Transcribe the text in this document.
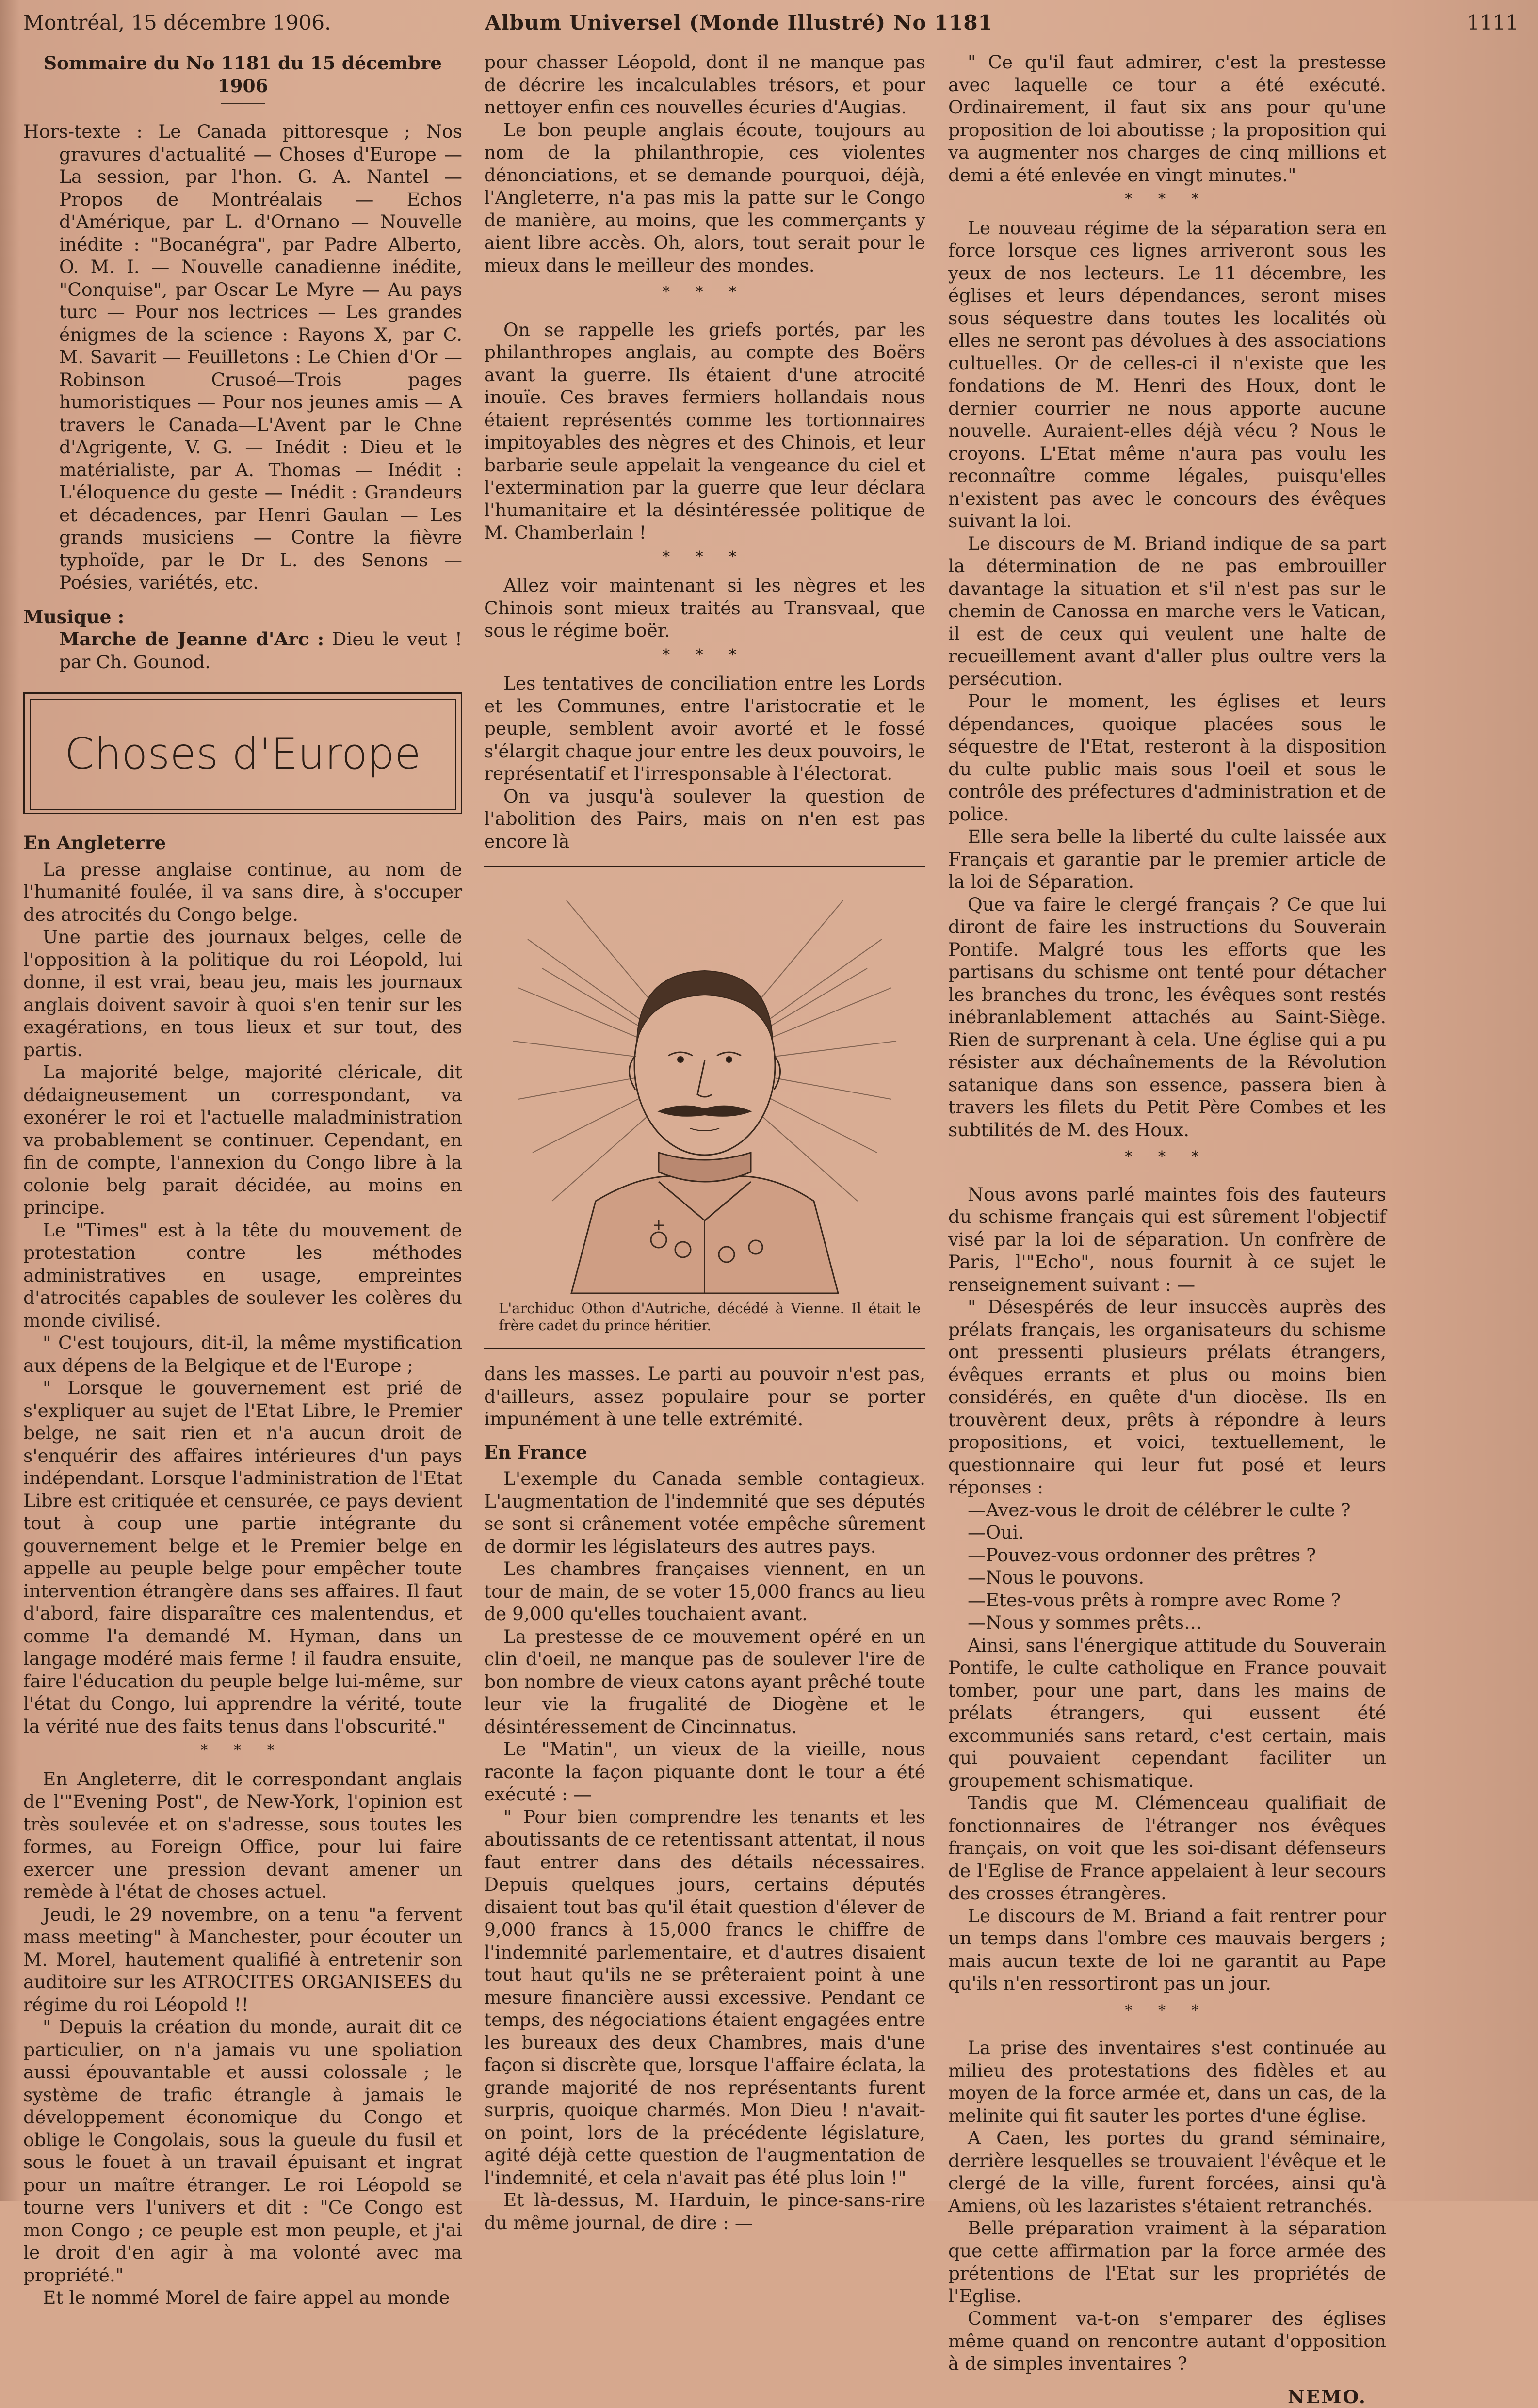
Montréal, 15 décembre 1906.	Album Universel (Monde Illustré) No 1181	1111
Sommaire du No 1181 du 15 décembre 1906

Hors-texte : Le Canada pittoresque ; Nos gravures d'actualité — Choses d'Europe — La session, par l'hon. G. A. Nantel — Propos de Montréalais — Echos d'Amérique, par L. d'Ornano — Nouvelle inédite : "Bocanégra", par Padre Alberto, O. M. I. — Nouvelle canadienne inédite, "Conquise", par Oscar Le Myre — Au pays turc — Pour nos lectrices — Les grandes énigmes de la science : Rayons X, par C. M. Savarit — Feuilletons : Le Chien d'Or — Robinson Crusoé—Trois pages humoristiques — Pour nos jeunes amis — A travers le Canada—L'Avent par le Chne d'Agrigente, V. G. — Inédit : Dieu et le matérialiste, par A. Thomas — Inédit : L'éloquence du geste — Inédit : Grandeurs et décadences, par Henri Gaulan — Les grands musiciens — Contre la fièvre typhoïde, par le Dr L. des Senons — Poésies, variétés, etc.

Musique :

Marche de Jeanne d'Arc : Dieu le veut ! par Ch. Gounod.

Choses d'Europe
En Angleterre

La presse anglaise continue, au nom de l'humanité foulée, il va sans dire, à s'occuper des atrocités du Congo belge.

Une partie des journaux belges, celle de l'opposition à la politique du roi Léopold, lui donne, il est vrai, beau jeu, mais les journaux anglais doivent savoir à quoi s'en tenir sur les exagérations, en tous lieux et sur tout, des partis.

La majorité belge, majorité cléricale, dit dédaigneusement un correspondant, va exonérer le roi et l'actuelle maladministration va probablement se continuer. Cependant, en fin de compte, l'annexion du Congo libre à la colonie belg parait décidée, au moins en principe.

Le "Times" est à la tête du mouvement de protestation contre les méthodes administratives en usage, empreintes d'atrocités capables de soulever les colères du monde civilisé.

" C'est toujours, dit-il, la même mystification aux dépens de la Belgique et de l'Europe ;

" Lorsque le gouvernement est prié de s'expliquer au sujet de l'Etat Libre, le Premier belge, ne sait rien et n'a aucun droit de s'enquérir des affaires intérieures d'un pays indépendant. Lorsque l'administration de l'Etat Libre est critiquée et censurée, ce pays devient tout à coup une partie intégrante du gouvernement belge et le Premier belge en appelle au peuple belge pour empêcher toute intervention étrangère dans ses affaires. Il faut d'abord, faire disparaître ces malentendus, et comme l'a demandé M. Hyman, dans un langage modéré mais ferme ! il faudra ensuite, faire l'éducation du peuple belge lui-même, sur l'état du Congo, lui apprendre la vérité, toute la vérité nue des faits tenus dans l'obscurité."

* * *

En Angleterre, dit le correspondant anglais de l'"Evening Post", de New-York, l'opinion est très soulevée et on s'adresse, sous toutes les formes, au Foreign Office, pour lui faire exercer une pression devant amener un remède à l'état de choses actuel.

Jeudi, le 29 novembre, on a tenu "a fervent mass meeting" à Manchester, pour écouter un M. Morel, hautement qualifié à entretenir son auditoire sur les ATROCITES ORGANISEES du régime du roi Léopold !!

" Depuis la création du monde, aurait dit ce particulier, on n'a jamais vu une spoliation aussi épouvantable et aussi colossale ; le système de trafic étrangle à jamais le développement économique du Congo et oblige le Congolais, sous la gueule du fusil et sous le fouet à un travail épuisant et ingrat pour un maître étranger. Le roi Léopold se tourne vers l'univers et dit : "Ce Congo est mon Congo ; ce peuple est mon peuple, et j'ai le droit d'en agir à ma volonté avec ma propriété."

Et le nommé Morel de faire appel au monde

pour chasser Léopold, dont il ne manque pas de décrire les incalculables trésors, et pour nettoyer enfin ces nouvelles écuries d'Augias.

Le bon peuple anglais écoute, toujours au nom de la philanthropie, ces violentes dénonciations, et se demande pourquoi, déjà, l'Angleterre, n'a pas mis la patte sur le Congo de manière, au moins, que les commerçants y aient libre accès. Oh, alors, tout serait pour le mieux dans le meilleur des mondes.

* * *

On se rappelle les griefs portés, par les philanthropes anglais, au compte des Boërs avant la guerre. Ils étaient d'une atrocité inouïe. Ces braves fermiers hollandais nous étaient représentés comme les tortionnaires impitoyables des nègres et des Chinois, et leur barbarie seule appelait la vengeance du ciel et l'extermination par la guerre que leur déclara l'humanitaire et la désintéressée politique de M. Chamberlain !

* * *

Allez voir maintenant si les nègres et les Chinois sont mieux traités au Transvaal, que sous le régime boër.

* * *

Les tentatives de conciliation entre les Lords et les Communes, entre l'aristocratie et le peuple, semblent avoir avorté et le fossé s'élargit chaque jour entre les deux pouvoirs, le représentatif et l'irresponsable à l'électorat.

On va jusqu'à soulever la question de l'abolition des Pairs, mais on n'en est pas encore là

L'archiduc Othon d'Autriche, décédé à Vienne. Il était le frère cadet du prince héritier.

dans les masses. Le parti au pouvoir n'est pas, d'ailleurs, assez populaire pour se porter impunément à une telle extrémité.

En France

L'exemple du Canada semble contagieux. L'augmentation de l'indemnité que ses députés se sont si crânement votée empêche sûrement de dormir les législateurs des autres pays.

Les chambres françaises viennent, en un tour de main, de se voter 15,000 francs au lieu de 9,000 qu'elles touchaient avant.

La prestesse de ce mouvement opéré en un clin d'oeil, ne manque pas de soulever l'ire de bon nombre de vieux catons ayant prêché toute leur vie la frugalité de Diogène et le désintéressement de Cincinnatus.

Le "Matin", un vieux de la vieille, nous raconte la façon piquante dont le tour a été exécuté : —

" Pour bien comprendre les tenants et les aboutissants de ce retentissant attentat, il nous faut entrer dans des détails nécessaires. Depuis quelques jours, certains députés disaient tout bas qu'il était question d'élever de 9,000 francs à 15,000 francs le chiffre de l'indemnité parlementaire, et d'autres disaient tout haut qu'ils ne se prêteraient point à une mesure financière aussi excessive. Pendant ce temps, des négociations étaient engagées entre les bureaux des deux Chambres, mais d'une façon si discrète que, lorsque l'affaire éclata, la grande majorité de nos représentants furent surpris, quoique charmés. Mon Dieu ! n'avait-on point, lors de la précédente législature, agité déjà cette question de l'augmentation de l'indemnité, et cela n'avait pas été plus loin !"

Et là-dessus, M. Harduin, le pince-sans-rire du même journal, de dire : —

" Ce qu'il faut admirer, c'est la prestesse avec laquelle ce tour a été exécuté. Ordinairement, il faut six ans pour qu'une proposition de loi aboutisse ; la proposition qui va augmenter nos charges de cinq millions et demi a été enlevée en vingt minutes."

* * *

Le nouveau régime de la séparation sera en force lorsque ces lignes arriveront sous les yeux de nos lecteurs. Le 11 décembre, les églises et leurs dépendances, seront mises sous séquestre dans toutes les localités où elles ne seront pas dévolues à des associations cultuelles. Or de celles-ci il n'existe que les fondations de M. Henri des Houx, dont le dernier courrier ne nous apporte aucune nouvelle. Auraient-elles déjà vécu ? Nous le croyons. L'Etat même n'aura pas voulu les reconnaître comme légales, puisqu'elles n'existent pas avec le concours des évêques suivant la loi.

Le discours de M. Briand indique de sa part la détermination de ne pas embrouiller davantage la situation et s'il n'est pas sur le chemin de Canossa en marche vers le Vatican, il est de ceux qui veulent une halte de recueillement avant d'aller plus oultre vers la persécution.

Pour le moment, les églises et leurs dépendances, quoique placées sous le séquestre de l'Etat, resteront à la disposition du culte public mais sous l'oeil et sous le contrôle des préfectures d'administration et de police.

Elle sera belle la liberté du culte laissée aux Français et garantie par le premier article de la loi de Séparation.

Que va faire le clergé français ? Ce que lui diront de faire les instructions du Souverain Pontife. Malgré tous les efforts que les partisans du schisme ont tenté pour détacher les branches du tronc, les évêques sont restés inébranlablement attachés au Saint-Siège. Rien de surprenant à cela. Une église qui a pu résister aux déchaînements de la Révolution satanique dans son essence, passera bien à travers les filets du Petit Père Combes et les subtilités de M. des Houx.

* * *

Nous avons parlé maintes fois des fauteurs du schisme français qui est sûrement l'objectif visé par la loi de séparation. Un confrère de Paris, l'"Echo", nous fournit à ce sujet le renseignement suivant : —

" Désespérés de leur insuccès auprès des prélats français, les organisateurs du schisme ont pressenti plusieurs prélats étrangers, évêques errants et plus ou moins bien considérés, en quête d'un diocèse. Ils en trouvèrent deux, prêts à répondre à leurs propositions, et voici, textuellement, le questionnaire qui leur fut posé et leurs réponses :

—Avez-vous le droit de célébrer le culte ?

—Oui.

—Pouvez-vous ordonner des prêtres ?

—Nous le pouvons.

—Etes-vous prêts à rompre avec Rome ?

—Nous y sommes prêts…

Ainsi, sans l'énergique attitude du Souverain Pontife, le culte catholique en France pouvait tomber, pour une part, dans les mains de prélats étrangers, qui eussent été excommuniés sans retard, c'est certain, mais qui pouvaient cependant faciliter un groupement schismatique.

Tandis que M. Clémenceau qualifiait de fonctionnaires de l'étranger nos évêques français, on voit que les soi-disant défenseurs de l'Eglise de France appelaient à leur secours des crosses étrangères.

Le discours de M. Briand a fait rentrer pour un temps dans l'ombre ces mauvais bergers ; mais aucun texte de loi ne garantit au Pape qu'ils n'en ressortiront pas un jour.

* * *

La prise des inventaires s'est continuée au milieu des protestations des fidèles et au moyen de la force armée et, dans un cas, de la melinite qui fit sauter les portes d'une église.

A Caen, les portes du grand séminaire, derrière lesquelles se trouvaient l'évêque et le clergé de la ville, furent forcées, ainsi qu'à Amiens, où les lazaristes s'étaient retranchés.

Belle préparation vraiment à la séparation que cette affirmation par la force armée des prétentions de l'Etat sur les propriétés de l'Eglise.

Comment va-t-on s'emparer des églises même quand on rencontre autant d'opposition à de simples inventaires ?

NEMO.
